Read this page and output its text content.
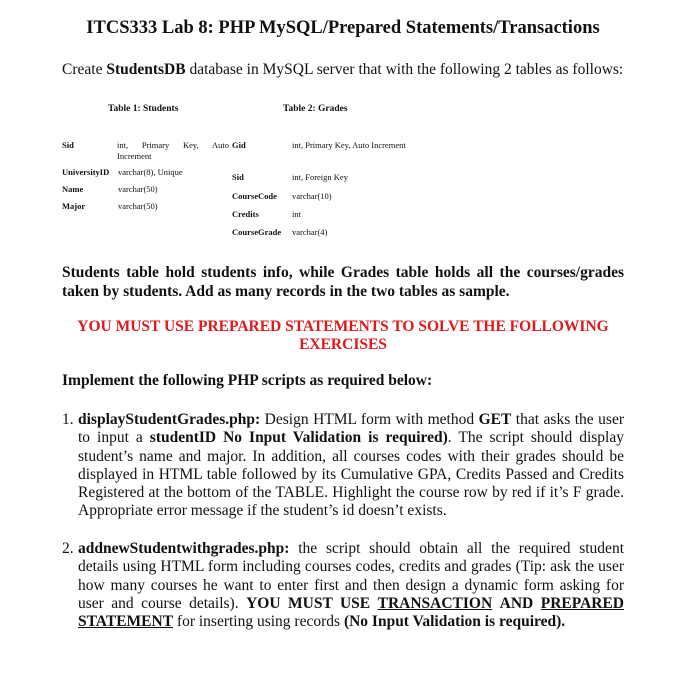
ITCS333 Lab 8: PHP MySQL/Prepared Statements/Transactions
Create StudentsDB database in MySQL server that with the following 2 tables as follows:
Table 1: Students
Sid	int, Primary Key, Auto Increment
UniversityID varchar(8), Unique
Name	varchar(50)
Major	varchar(50)
Table 2: Grades
Gid	int, Primary Key, Auto Increment
Sid	int, Foreign Key
CourseCode varchar(10)
Credits	int
CourseGrade varchar(4)
Students table hold students info, while Grades table holds all the courses/grades taken by students. Add as many records in the two tables as sample.
YOU MUST USE PREPARED STATEMENTS TO SOLVE THE FOLLOWING EXERCISES
Implement the following PHP scripts as required below:
1. displayStudentGrades.php: Design HTML form with method GET that asks the user to input a studentID No Input Validation is required). The script should display student’s name and major. In addition, all courses codes with their grades should be displayed in HTML table followed by its Cumulative GPA, Credits Passed and Credits Registered at the bottom of the TABLE. Highlight the course row by red if it’s F grade. Appropriate error message if the student’s id doesn’t exists.
2. addnewStudentwithgrades.php: the script should obtain all the required student details using HTML form including courses codes, credits and grades (Tip: ask the user how many courses he want to enter first and then design a dynamic form asking for user and course details). YOU MUST USE TRANSACTION AND PREPARED STATEMENT for inserting using records (No Input Validation is required).
